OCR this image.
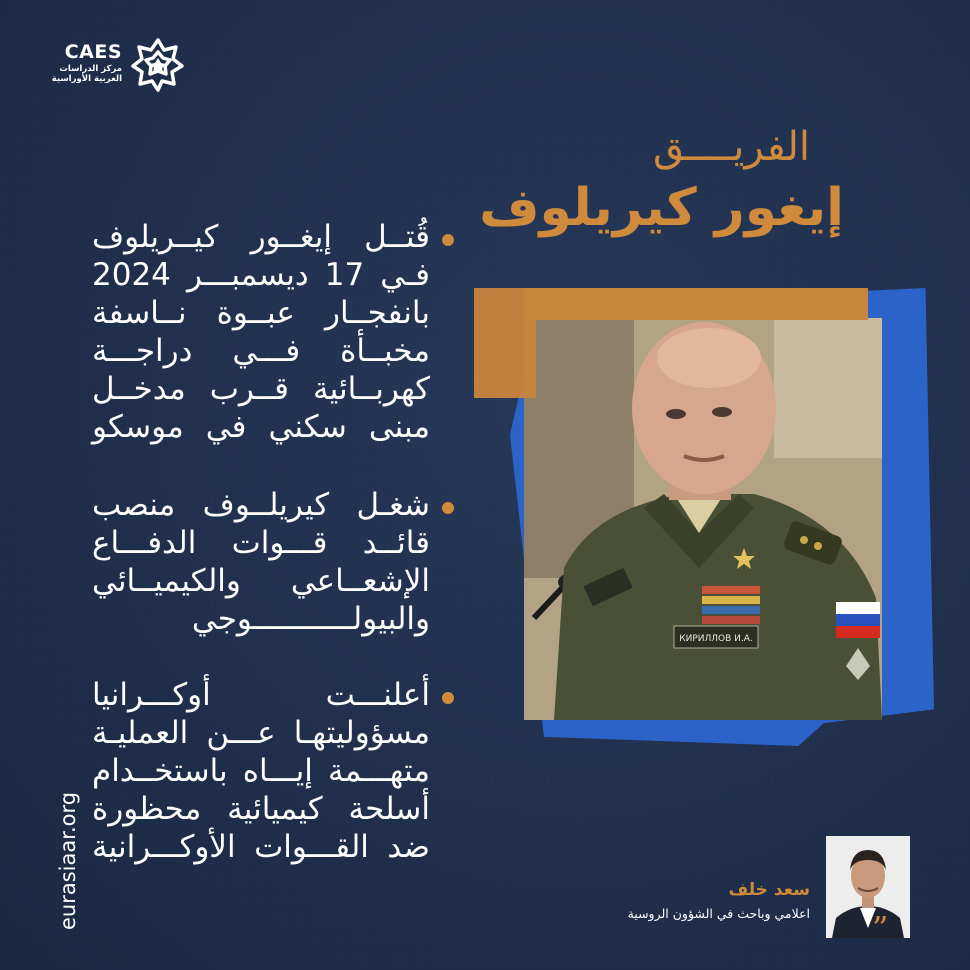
CAES
مركز الدراسات العربية الأوراسية
الفريــــق
إيغور كيريلوف
قُتــل إيغــور كيــريلوف فـي 17 ديسمبـــر 2024 بانفجــار عبــوة نــاسفة مخبــأة فـــي دراجـــة كهربــائية قــرب مدخــل مبنى سكني في موسكو
شغـل كيريلــوف منصب قائــد قـــوات الدفـــاع الإشعــاعي والكيميــائي والبيولـــــــــــوجي
أعلنـــت أوكـــرانيا مسؤوليتهـا عـــن العمليـة متهـــمة إيـــاه باستخــدام أسلحة كيميائية محظورة ضد القـــوات الأوكـــرانية
КИРИЛЛОВ И.А.
”
سعد خلف
اعلامي وباحث في الشؤون الروسية
eurasiaar.org
